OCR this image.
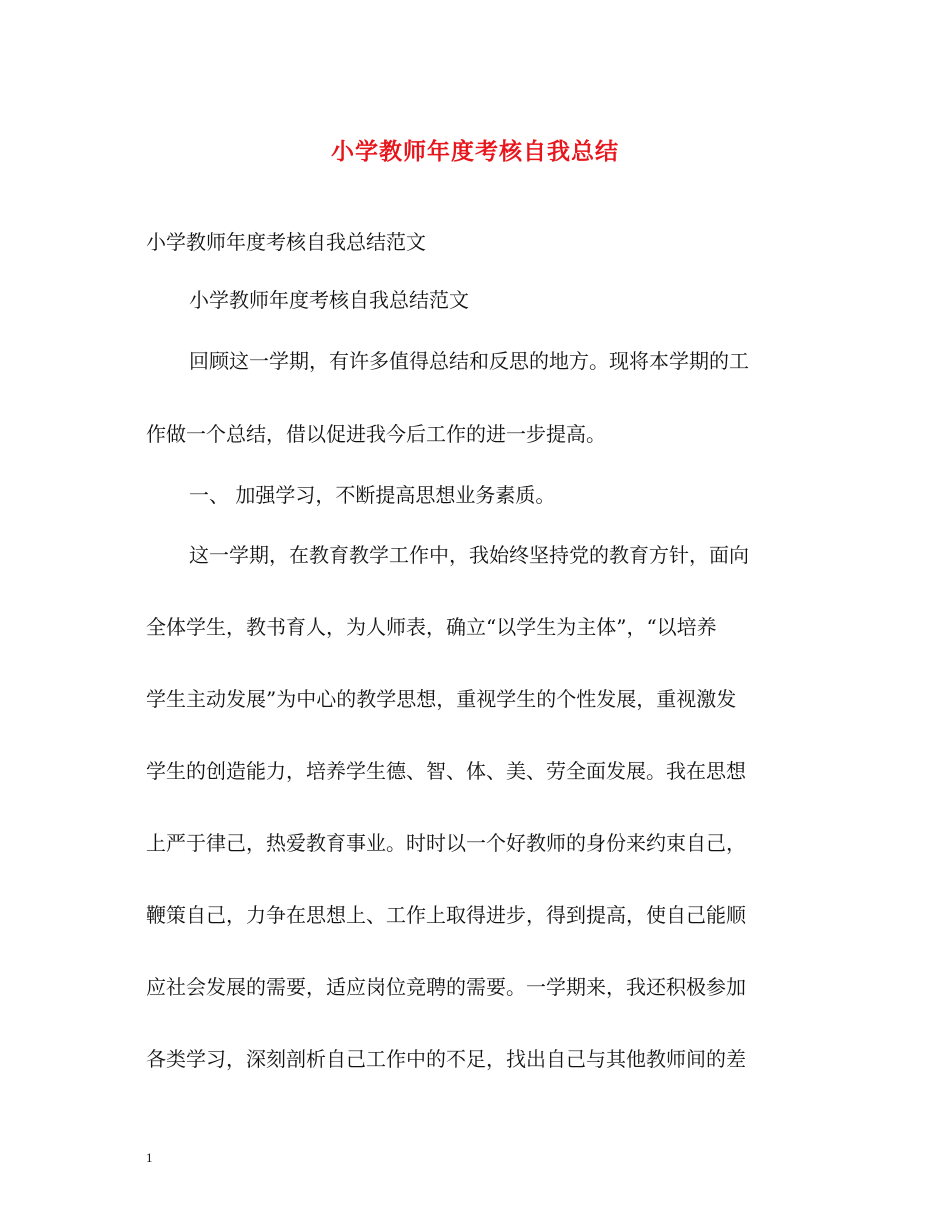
小学教师年度考核自我总结
小学教师年度考核自我总结范文
小学教师年度考核自我总结范文
回顾这一学期，有许多值得总结和反思的地方。现将本学期的工
作做一个总结，借以促进我今后工作的进一步提高。
一、 加强学习，不断提高思想业务素质。
这一学期，在教育教学工作中，我始终坚持党的教育方针，面向
全体学生，教书育人，为人师表，确立“以学生为主体”，“以培养
学生主动发展”为中心的教学思想，重视学生的个性发展，重视激发
学生的创造能力，培养学生德、智、体、美、劳全面发展。我在思想
上严于律己，热爱教育事业。时时以一个好教师的身份来约束自己，
鞭策自己，力争在思想上、工作上取得进步，得到提高，使自己能顺
应社会发展的需要，适应岗位竞聘的需要。一学期来，我还积极参加
各类学习，深刻剖析自己工作中的不足，找出自己与其他教师间的差
1
